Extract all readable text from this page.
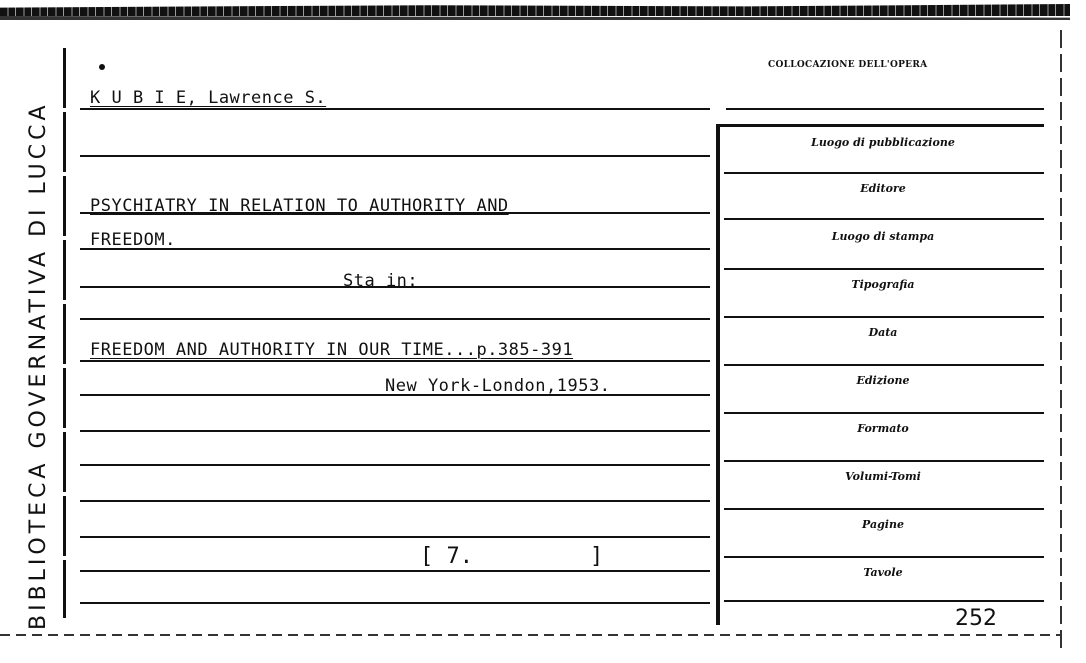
BIBLIOTECA GOVERNATIVA DI LUCCA
COLLOCAZIONE DELL'OPERA
K U B I E, Lawrence S.
PSYCHIATRY IN RELATION TO AUTHORITY AND
FREEDOM.
Sta in:
FREEDOM AND AUTHORITY IN OUR TIME...p.385-391
New York-London,1953.
[ 7.	]
Luogo di pubblicazione
Editore
Luogo di stampa
Tipografia
Data
Edizione
Formato
Volumi-Tomi
Pagine
Tavole
252
